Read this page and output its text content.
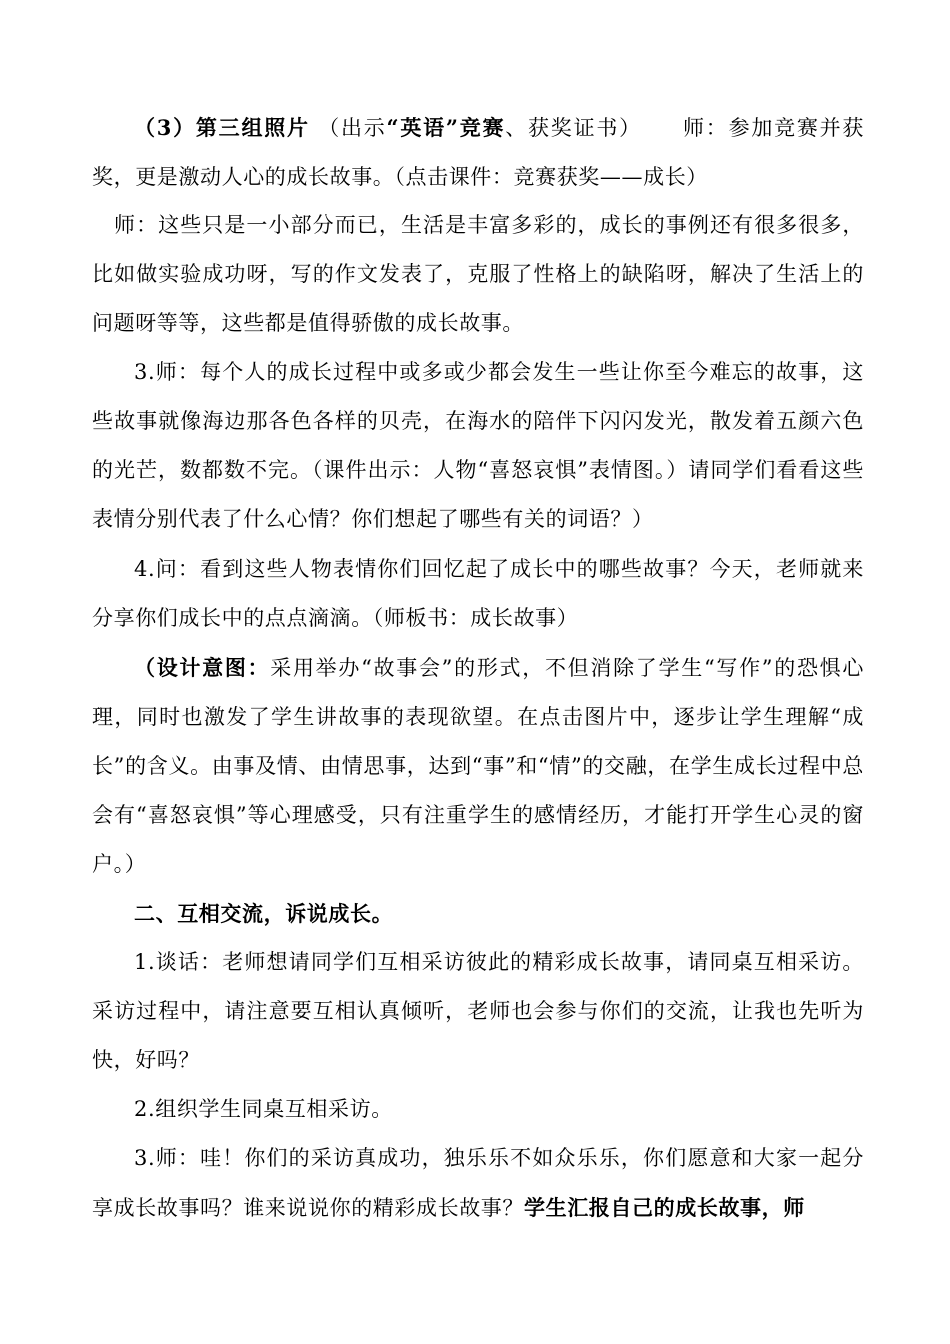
（3）第三组照片 （出示“英语”竞赛、获奖证书） 师：参加竞赛并获奖，更是激动人心的成长故事。（点击课件：竞赛获奖——成长）

师：这些只是一小部分而已，生活是丰富多彩的，成长的事例还有很多很多，比如做实验成功呀，写的作文发表了，克服了性格上的缺陷呀，解决了生活上的问题呀等等，这些都是值得骄傲的成长故事。

3.师：每个人的成长过程中或多或少都会发生一些让你至今难忘的故事，这些故事就像海边那各色各样的贝壳，在海水的陪伴下闪闪发光，散发着五颜六色的光芒，数都数不完。（课件出示：人物“喜怒哀惧”表情图。）请同学们看看这些表情分别代表了什么心情？你们想起了哪些有关的词语？）

4.问：看到这些人物表情你们回忆起了成长中的哪些故事？今天，老师就来分享你们成长中的点点滴滴。（师板书：成长故事）

（设计意图：采用举办“故事会”的形式，不但消除了学生“写作”的恐惧心理，同时也激发了学生讲故事的表现欲望。在点击图片中，逐步让学生理解“成长”的含义。由事及情、由情思事，达到“事”和“情”的交融，在学生成长过程中总会有“喜怒哀惧”等心理感受，只有注重学生的感情经历，才能打开学生心灵的窗户。）

二、互相交流，诉说成长。

1.谈话：老师想请同学们互相采访彼此的精彩成长故事，请同桌互相采访。采访过程中，请注意要互相认真倾听，老师也会参与你们的交流，让我也先听为快，好吗？

2.组织学生同桌互相采访。

3.师：哇！你们的采访真成功，独乐乐不如众乐乐，你们愿意和大家一起分享成长故事吗？谁来说说你的精彩成长故事？学生汇报自己的成长故事，师
